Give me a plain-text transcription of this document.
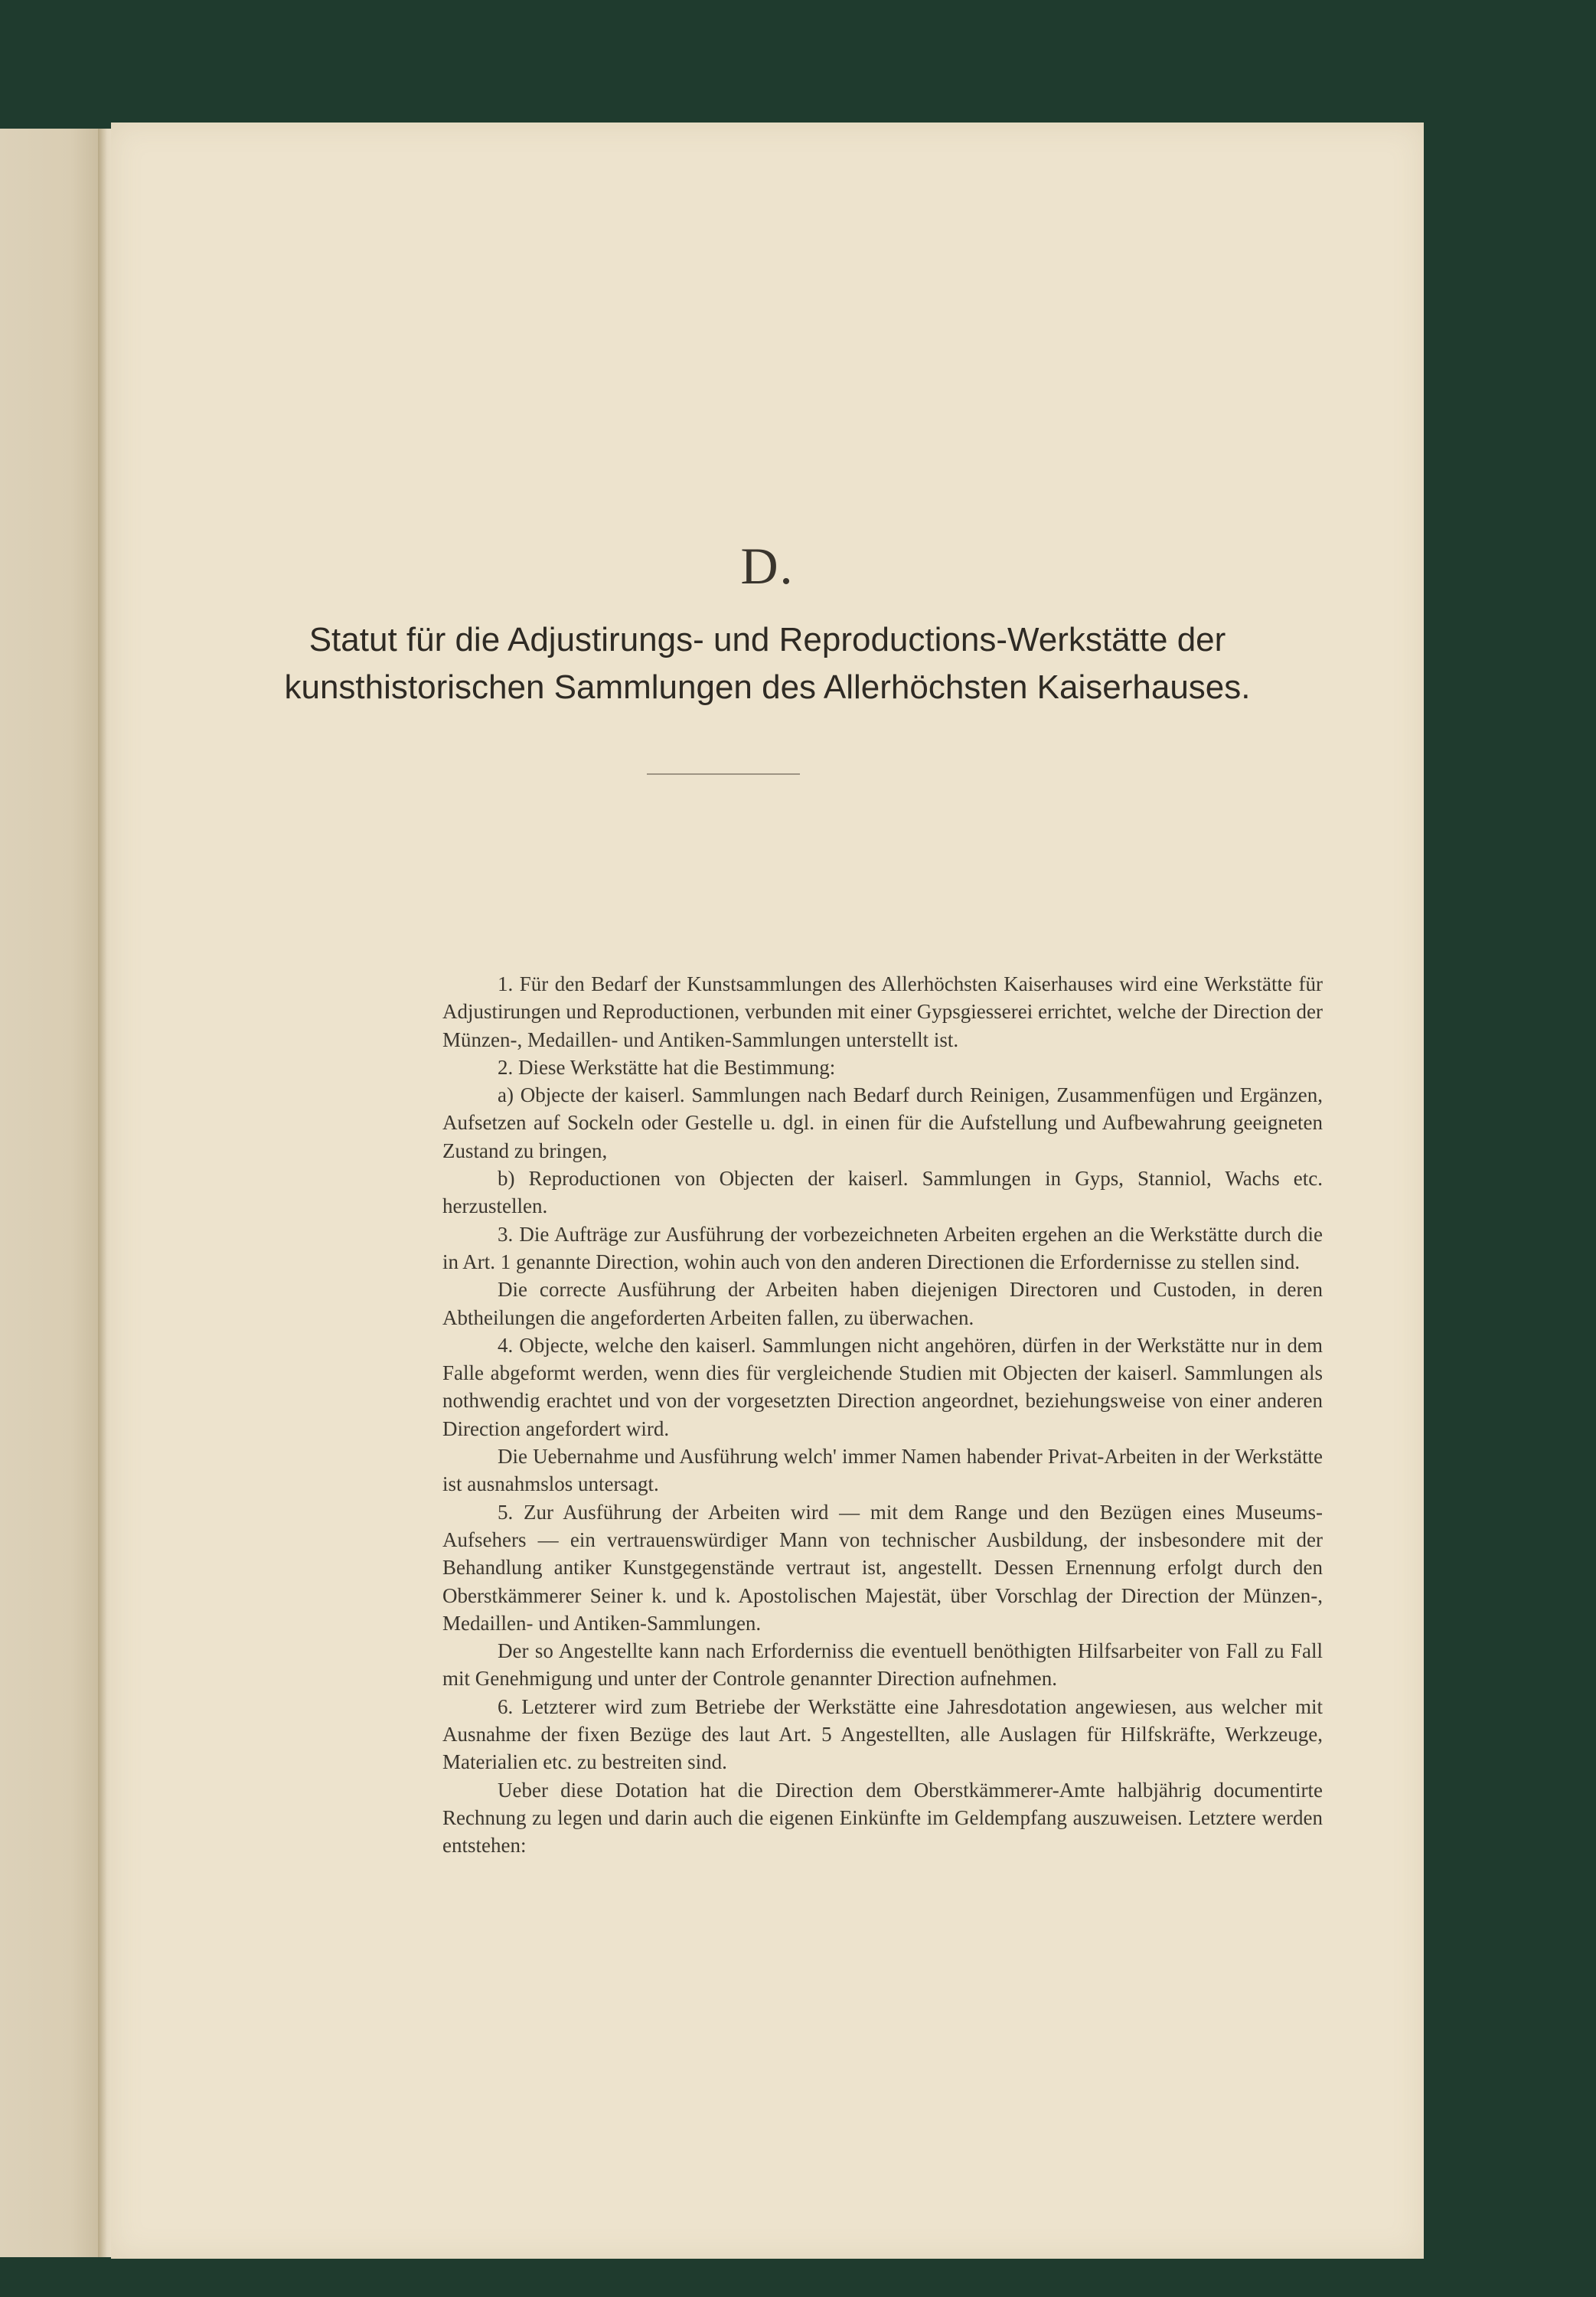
D.
Statut für die Adjustirungs- und Reproductions-Werkstätte der
kunsthistorischen Sammlungen des Allerhöchsten Kaiserhauses.

1. Für den Bedarf der Kunstsammlungen des Allerhöchsten Kaiserhauses wird eine Werkstätte für Adjustirungen und Reproductionen, verbunden mit einer Gypsgiesserei errichtet, welche der Direction der Münzen-, Medaillen- und Antiken-Sammlungen unterstellt ist.

2. Diese Werkstätte hat die Bestimmung:

a) Objecte der kaiserl. Sammlungen nach Bedarf durch Reinigen, Zusammenfügen und Ergänzen, Aufsetzen auf Sockeln oder Gestelle u. dgl. in einen für die Aufstellung und Aufbewahrung geeigneten Zustand zu bringen,

b) Reproductionen von Objecten der kaiserl. Sammlungen in Gyps, Stanniol, Wachs etc. herzustellen.

3. Die Aufträge zur Ausführung der vorbezeichneten Arbeiten ergehen an die Werkstätte durch die in Art. 1 genannte Direction, wohin auch von den anderen Directionen die Erfordernisse zu stellen sind.

Die correcte Ausführung der Arbeiten haben diejenigen Directoren und Custoden, in deren Abtheilungen die angeforderten Arbeiten fallen, zu überwachen.

4. Objecte, welche den kaiserl. Sammlungen nicht angehören, dürfen in der Werkstätte nur in dem Falle abgeformt werden, wenn dies für vergleichende Studien mit Objecten der kaiserl. Sammlungen als nothwendig erachtet und von der vorgesetzten Direction angeordnet, beziehungsweise von einer anderen Direction angefordert wird.

Die Uebernahme und Ausführung welch' immer Namen habender Privat-Arbeiten in der Werkstätte ist ausnahmslos untersagt.

5. Zur Ausführung der Arbeiten wird — mit dem Range und den Bezügen eines Museums-Aufsehers — ein vertrauenswürdiger Mann von technischer Ausbildung, der insbesondere mit der Behandlung antiker Kunstgegenstände vertraut ist, angestellt. Dessen Ernennung erfolgt durch den Oberstkämmerer Seiner k. und k. Apostolischen Majestät, über Vorschlag der Direction der Münzen-, Medaillen- und Antiken-Sammlungen.

Der so Angestellte kann nach Erforderniss die eventuell benöthigten Hilfsarbeiter von Fall zu Fall mit Genehmigung und unter der Controle genannter Direction aufnehmen.

6. Letzterer wird zum Betriebe der Werkstätte eine Jahresdotation angewiesen, aus welcher mit Ausnahme der fixen Bezüge des laut Art. 5 Angestellten, alle Auslagen für Hilfskräfte, Werkzeuge, Materialien etc. zu bestreiten sind.

Ueber diese Dotation hat die Direction dem Oberstkämmerer-Amte halbjährig documentirte Rechnung zu legen und darin auch die eigenen Einkünfte im Geldempfang auszuweisen. Letztere werden entstehen:
